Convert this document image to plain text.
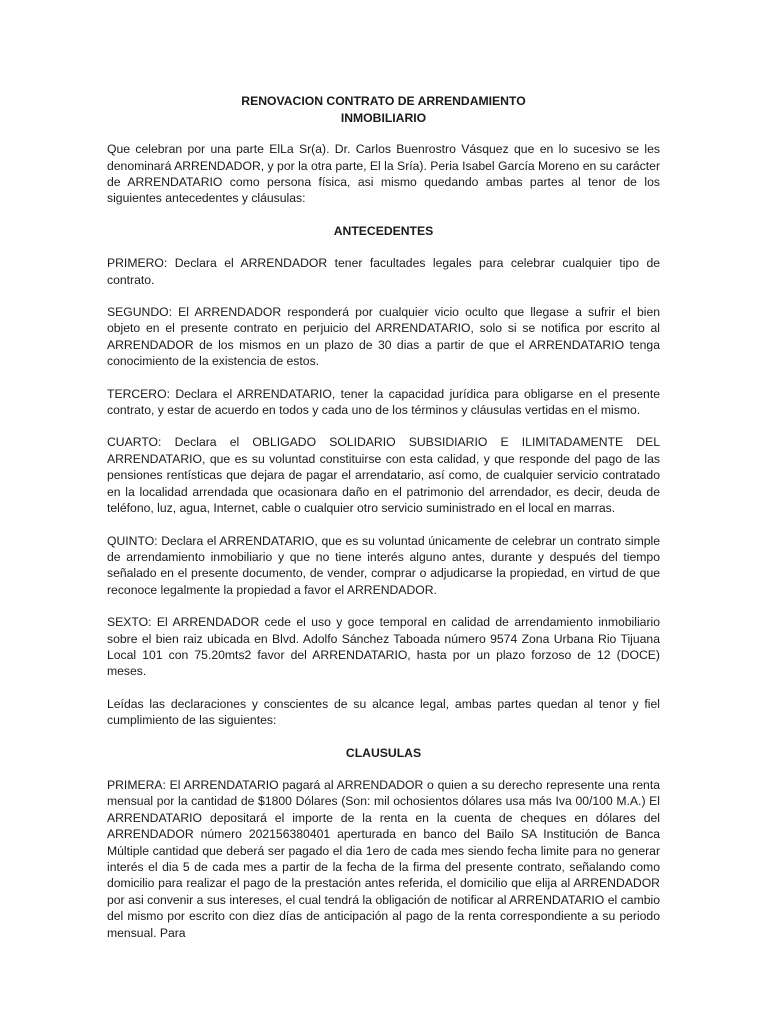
RENOVACION CONTRATO DE ARRENDAMIENTO

INMOBILIARIO

Que celebran por una parte ElLa Sr(a). Dr. Carlos Buenrostro Vásquez que en lo sucesivo se les denominará ARRENDADOR, y por la otra parte, El la Sría). Peria Isabel García Moreno en su carácter de ARRENDATARIO como persona física, asi mismo quedando ambas partes al tenor de los siguientes antecedentes y cláusulas:

ANTECEDENTES

PRIMERO: Declara el ARRENDADOR tener facultades legales para celebrar cualquier tipo de contrato.

SEGUNDO: El ARRENDADOR responderá por cualquier vicio oculto que llegase a sufrir el bien objeto en el presente contrato en perjuicio del ARRENDATARIO, solo si se notifica por escrito al ARRENDADOR de los mismos en un plazo de 30 dias a partir de que el ARRENDATARIO tenga conocimiento de la existencia de estos.

TERCERO: Declara el ARRENDATARIO, tener la capacidad jurídica para obligarse en el presente contrato, y estar de acuerdo en todos y cada uno de los términos y cláusulas vertidas en el mismo.

CUARTO: Declara el OBLIGADO SOLIDARIO SUBSIDIARIO E ILIMITADAMENTE DEL ARRENDATARIO, que es su voluntad constituirse con esta calidad, y que responde del pago de las pensiones rentísticas que dejara de pagar el arrendatario, así como, de cualquier servicio contratado en la localidad arrendada que ocasionara daño en el patrimonio del arrendador, es decir, deuda de teléfono, luz, agua, Internet, cable o cualquier otro servicio suministrado en el local en marras.

QUINTO: Declara el ARRENDATARIO, que es su voluntad únicamente de celebrar un contrato simple de arrendamiento inmobiliario y que no tiene interés alguno antes, durante y después del tiempo señalado en el presente documento, de vender, comprar o adjudicarse la propiedad, en virtud de que reconoce legalmente la propiedad a favor el ARRENDADOR.

SEXTO: El ARRENDADOR cede el uso y goce temporal en calidad de arrendamiento inmobiliario sobre el bien raiz ubicada en Blvd. Adolfo Sánchez Taboada número 9574 Zona Urbana Rio Tijuana Local 101 con 75.20mts2 favor del ARRENDATARIO, hasta por un plazo forzoso de 12 (DOCE) meses.

Leídas las declaraciones y conscientes de su alcance legal, ambas partes quedan al tenor y fiel cumplimiento de las siguientes:

CLAUSULAS

PRIMERA: El ARRENDATARIO pagará al ARRENDADOR o quien a su derecho represente una renta mensual por la cantidad de $1800 Dólares (Son: mil ochosientos dólares usa más Iva 00/100 M.A.) El ARRENDATARIO depositará el importe de la renta en la cuenta de cheques en dólares del ARRENDADOR número 202156380401 aperturada en banco del Bailo SA Institución de Banca Múltiple cantidad que deberá ser pagado el dia 1ero de cada mes siendo fecha limite para no generar interés el dia 5 de cada mes a partir de la fecha de la firma del presente contrato, señalando como domicilio para realizar el pago de la prestación antes referida, el domicilio que elija al ARRENDADOR por asi convenir a sus intereses, el cual tendrá la obligación de notificar al ARRENDATARIO el cambio del mismo por escrito con diez días de anticipación al pago de la renta correspondiente a su periodo mensual. Para
